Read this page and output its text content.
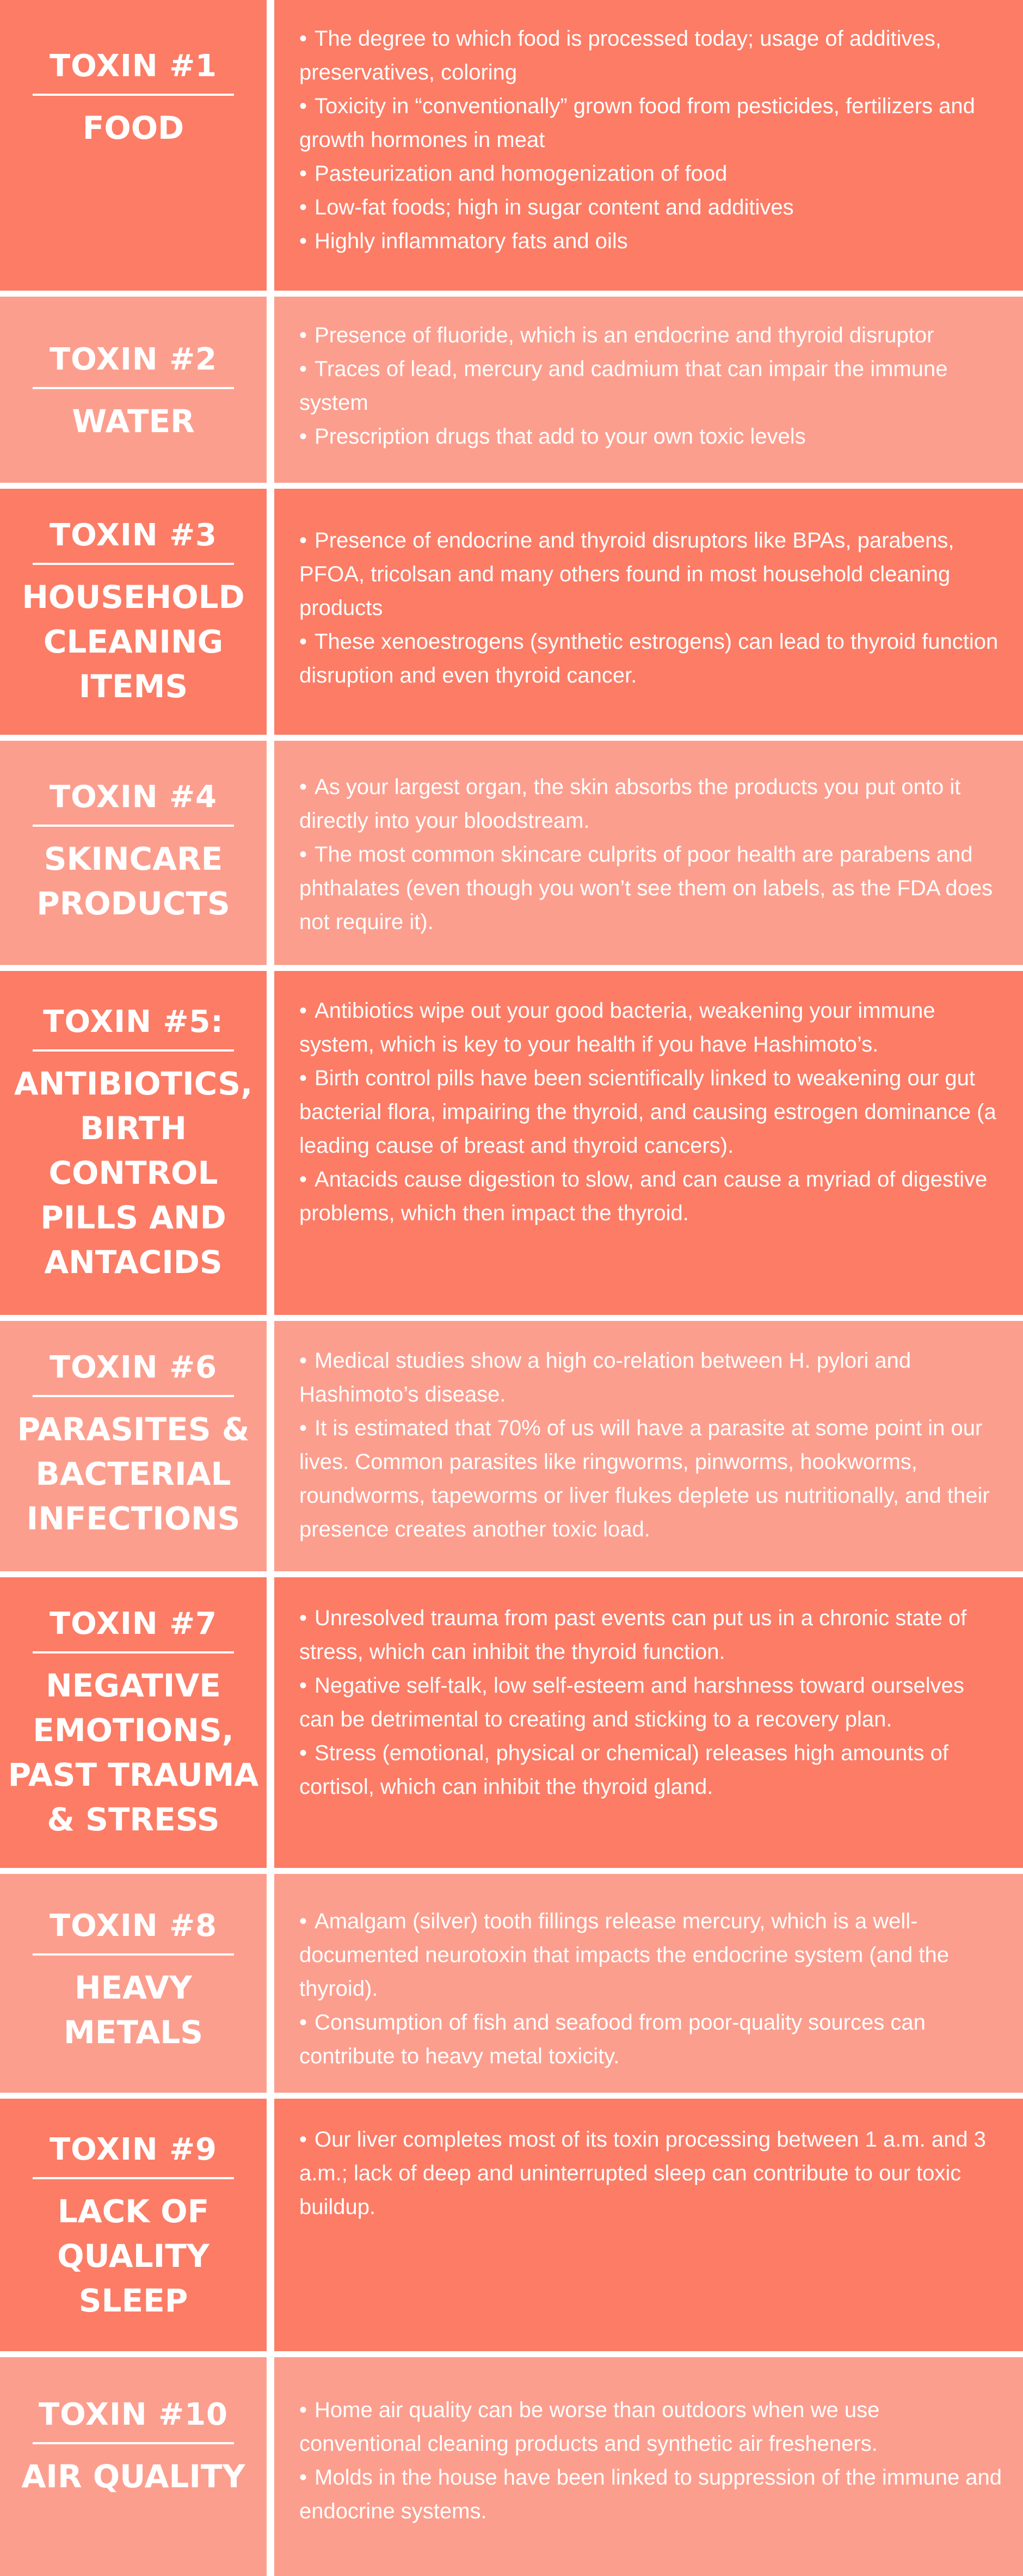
TOXIN #1
FOOD
• The degree to which food is processed today; usage of additives, preservatives, coloring
• Toxicity in “conventionally” grown food from pesticides, fertilizers and growth hormones in meat
• Pasteurization and homogenization of food
• Low-fat foods; high in sugar content and additives
• Highly inflammatory fats and oils
TOXIN #2
WATER
• Presence of fluoride, which is an endocrine and thyroid disruptor
• Traces of lead, mercury and cadmium that can impair the immune system
• Prescription drugs that add to your own toxic levels
TOXIN #3
HOUSEHOLD
CLEANING
ITEMS
• Presence of endocrine and thyroid disruptors like BPAs, parabens, PFOA, tricolsan and many others found in most household cleaning products
• These xenoestrogens (synthetic estrogens) can lead to thyroid function disruption and even thyroid cancer.
TOXIN #4
SKINCARE
PRODUCTS
• As your largest organ, the skin absorbs the products you put onto it directly into your bloodstream.
• The most common skincare culprits of poor health are parabens and phthalates (even though you won’t see them on labels, as the FDA does not require it).
TOXIN #5:
ANTIBIOTICS,
BIRTH
CONTROL
PILLS AND
ANTACIDS
• Antibiotics wipe out your good bacteria, weakening your immune system, which is key to your health if you have Hashimoto’s.
• Birth control pills have been scientifically linked to weakening our gut bacterial flora, impairing the thyroid, and causing estrogen dominance (a leading cause of breast and thyroid cancers).
• Antacids cause digestion to slow, and can cause a myriad of digestive problems, which then impact the thyroid.
TOXIN #6
PARASITES &
BACTERIAL
INFECTIONS
• Medical studies show a high co-relation between H. pylori and Hashimoto’s disease.
• It is estimated that 70% of us will have a parasite at some point in our lives. Common parasites like ringworms, pinworms, hookworms, roundworms, tapeworms or liver flukes deplete us nutritionally, and their presence creates another toxic load.
TOXIN #7
NEGATIVE
EMOTIONS,
PAST TRAUMA
& STRESS
• Unresolved trauma from past events can put us in a chronic state of stress, which can inhibit the thyroid function.
• Negative self-talk, low self-esteem and harshness toward ourselves can be detrimental to creating and sticking to a recovery plan.
• Stress (emotional, physical or chemical) releases high amounts of cortisol, which can inhibit the thyroid gland.
TOXIN #8
HEAVY
METALS
• Amalgam (silver) tooth fillings release mercury, which is a well-documented neurotoxin that impacts the endocrine system (and the thyroid).
• Consumption of fish and seafood from poor-quality sources can contribute to heavy metal toxicity.
TOXIN #9
LACK OF
QUALITY
SLEEP
• Our liver completes most of its toxin processing between 1 a.m. and 3 a.m.; lack of deep and uninterrupted sleep can contribute to our toxic buildup.
TOXIN #10
AIR QUALITY
• Home air quality can be worse than outdoors when we use conventional cleaning products and synthetic air fresheners.
• Molds in the house have been linked to suppression of the immune and endocrine systems.
